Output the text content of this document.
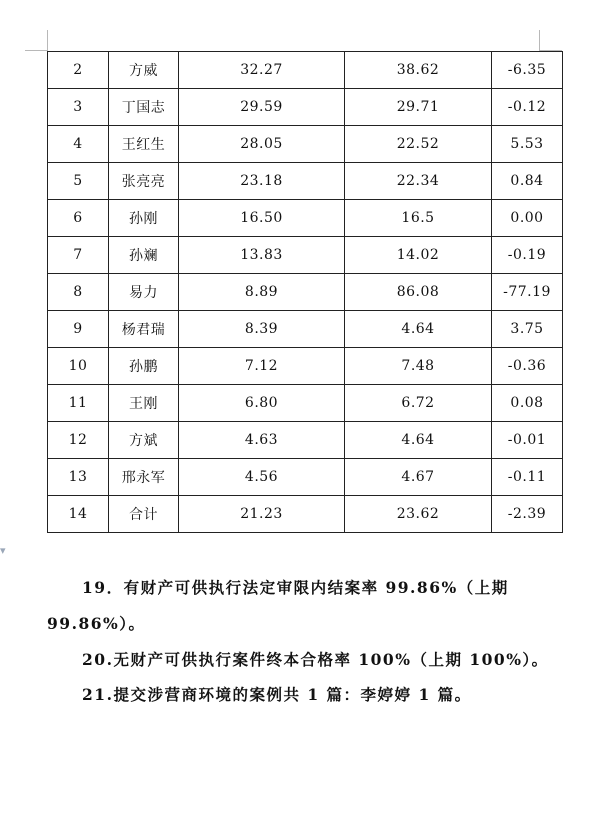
2	方威	32.27	38.62	-6.35
3	丁国志	29.59	29.71	-0.12
4	王红生	28.05	22.52	5.53
5	张亮亮	23.18	22.34	0.84
6	孙刚	16.50	16.5	0.00
7	孙斓	13.83	14.02	-0.19
8	易力	8.89	86.08	-77.19
9	杨君瑞	8.39	4.64	3.75
10	孙鹏	7.12	7.48	-0.36
11	王刚	6.80	6.72	0.08
12	方斌	4.63	4.64	-0.01
13	邢永军	4.56	4.67	-0.11
14	合计	21.23	23.62	-2.39
▾
19．有财产可供执行法定审限内结案率 99.86%（上期
99.86%）。
20.无财产可供执行案件终本合格率 100%（上期 100%）。
21.提交涉营商环境的案例共 1 篇：李婷婷 1 篇。
